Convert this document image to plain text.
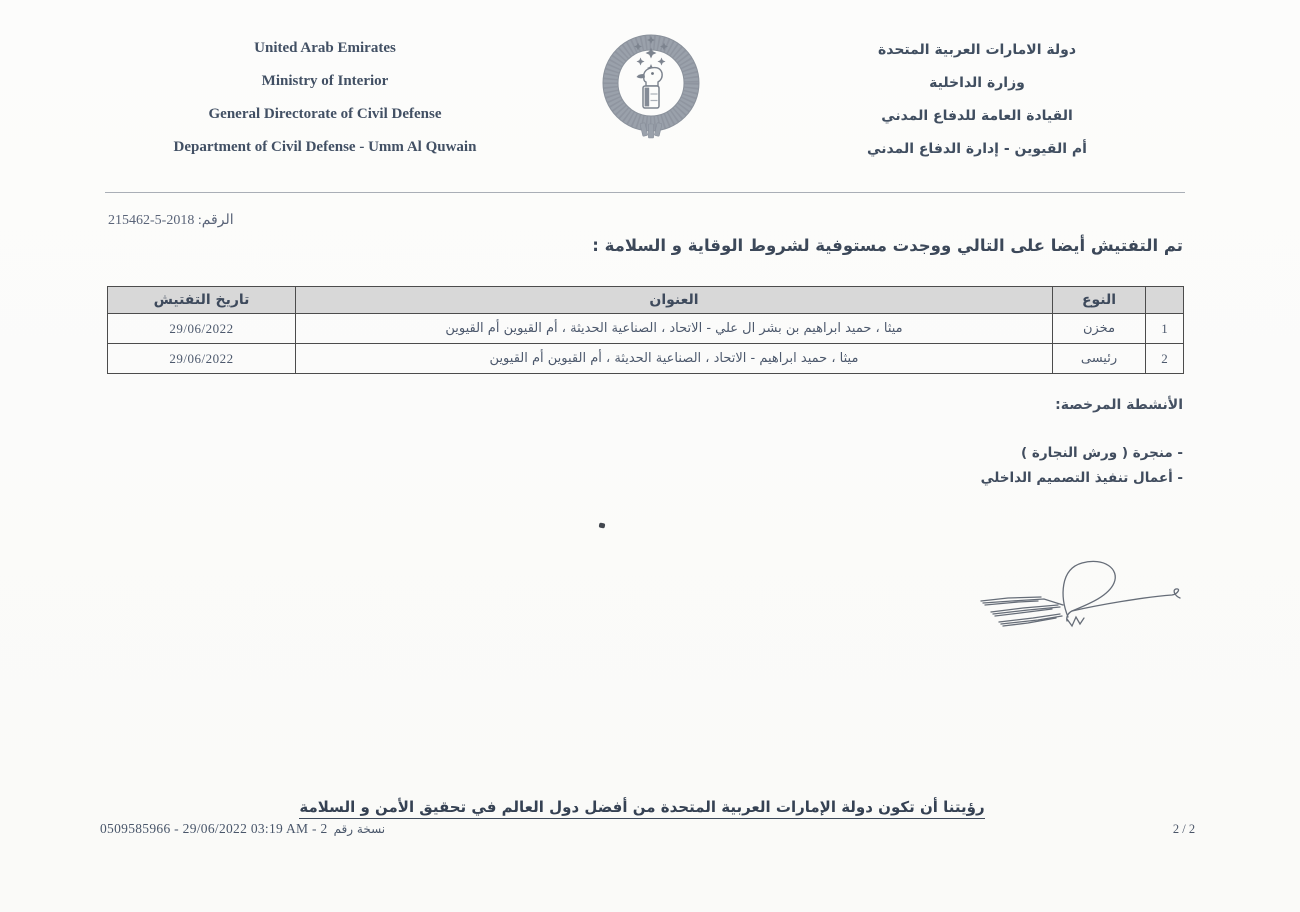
United Arab Emirates
Ministry of Interior
General Directorate of Civil Defense
Department of Civil Defense - Umm Al Quwain
دولة الامارات العربية المتحدة
وزارة الداخلية
القيادة العامة للدفاع المدني
أم القيوين - إدارة الدفاع المدني
الرقم: 2018-5-215462
تم التفتيش أيضا على التالي ووجدت مستوفية لشروط الوقاية و السلامة :
	النوع	العنوان	تاريخ التفتيش
1	مخزن	ميثا ، حميد ابراهيم بن بشر ال علي - الاتحاد ، الصناعية الحديثة ، أم القيوين أم القيوين	29/06/2022
2	رئيسى	ميثا ، حميد ابراهيم - الاتحاد ، الصناعية الحديثة ، أم القيوين أم القيوين	29/06/2022
الأنشطة المرخصة:
- منجرة ( ورش النجارة )
- أعمال تنفيذ التصميم الداخلي
رؤيتنا أن تكون دولة الإمارات العربية المتحدة من أفضل دول العالم في تحقيق الأمن و السلامة
0509585966 - 29/06/2022 03:19 AM - 2 نسخة رقم	2 / 2
